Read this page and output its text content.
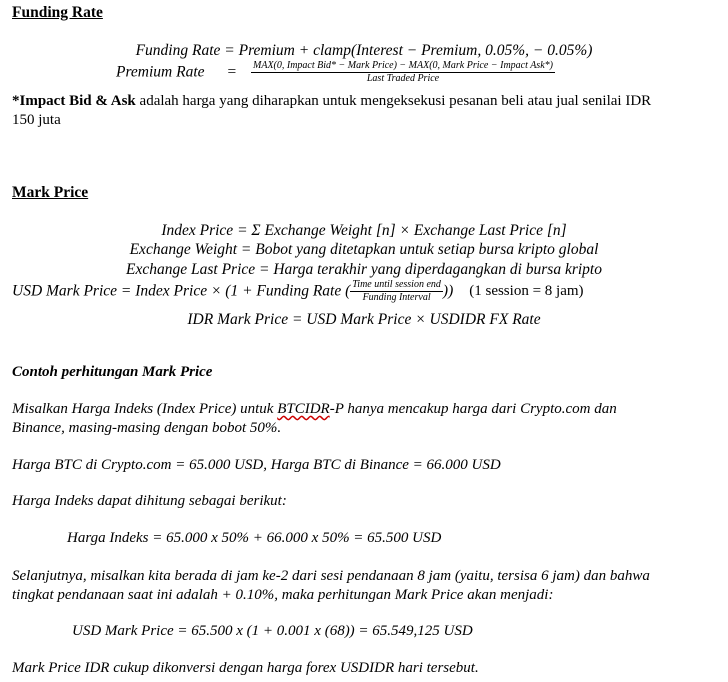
Funding Rate
Funding Rate = Premium + clamp(Interest − Premium, 0.05%, − 0.05%)
Premium Rate = MAX(0, Impact Bid* − Mark Price) − MAX(0, Mark Price − Impact Ask*)
Last Traded Price
*Impact Bid & Ask adalah harga yang diharapkan untuk mengeksekusi pesanan beli atau jual senilai IDR
150 juta
Mark Price
Index Price = Σ Exchange Weight [n] × Exchange Last Price [n]
Exchange Weight = Bobot yang ditetapkan untuk setiap bursa kripto global
Exchange Last Price = Harga terakhir yang diperdagangkan di bursa kripto
USD Mark Price = Index Price × (1 + Funding Rate ( $\frac{\text{Time until session end}}{\text{Funding Interval}}$ )) (1 session = 8 jam)
IDR Mark Price = USD Mark Price × USDIDR FX Rate
Contoh perhitungan Mark Price
Misalkan Harga Indeks (Index Price) untuk BTCIDR-P hanya mencakup harga dari Crypto.com dan
Binance, masing-masing dengan bobot 50%.
Harga BTC di Crypto.com = 65.000 USD, Harga BTC di Binance = 66.000 USD
Harga Indeks dapat dihitung sebagai berikut:
Harga Indeks = 65.000 x 50% + 66.000 x 50% = 65.500 USD
Selanjutnya, misalkan kita berada di jam ke-2 dari sesi pendanaan 8 jam (yaitu, tersisa 6 jam) dan bahwa
tingkat pendanaan saat ini adalah + 0.10%, maka perhitungan Mark Price akan menjadi:
USD Mark Price = 65.500 x (1 + 0.001 x (68)) = 65.549,125 USD
Mark Price IDR cukup dikonversi dengan harga forex USDIDR hari tersebut.
